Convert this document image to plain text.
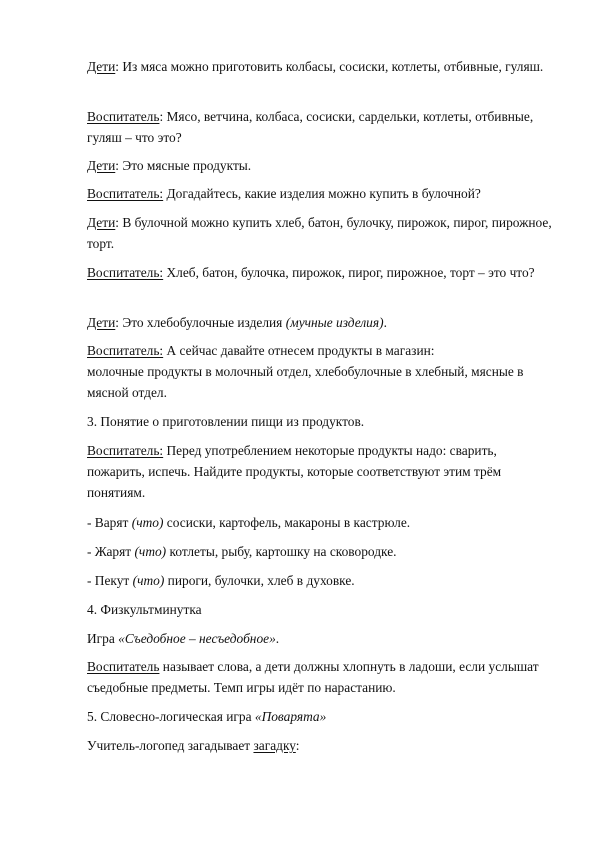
Дети: Из мяса можно приготовить колбасы, сосиски, котлеты, отбивные, гуляш.

Воспитатель: Мясо, ветчина, колбаса, сосиски, сардельки, котлеты, отбивные, гуляш – что это?

Дети: Это мясные продукты.

Воспитатель: Догадайтесь, какие изделия можно купить в булочной?

Дети: В булочной можно купить хлеб, батон, булочку, пирожок, пирог, пирожное, торт.

Воспитатель: Хлеб, батон, булочка, пирожок, пирог, пирожное, торт – это что?

Дети: Это хлебобулочные изделия (мучные изделия).

Воспитатель: А сейчас давайте отнесем продукты в магазин:
молочные продукты в молочный отдел, хлебобулочные в хлебный, мясные в мясной отдел.

3. Понятие о приготовлении пищи из продуктов.

Воспитатель: Перед употреблением некоторые продукты надо: сварить, пожарить, испечь. Найдите продукты, которые соответствуют этим трём понятиям.

- Варят (что) сосиски, картофель, макароны в кастрюле.

- Жарят (что) котлеты, рыбу, картошку на сковородке.

- Пекут (что) пироги, булочки, хлеб в духовке.

4. Физкультминутка

Игра «Съедобное – несъедобное».

Воспитатель называет слова, а дети должны хлопнуть в ладоши, если услышат съедобные предметы. Темп игры идёт по нарастанию.

5. Словесно-логическая игра «Поварята»

Учитель-логопед загадывает загадку:
